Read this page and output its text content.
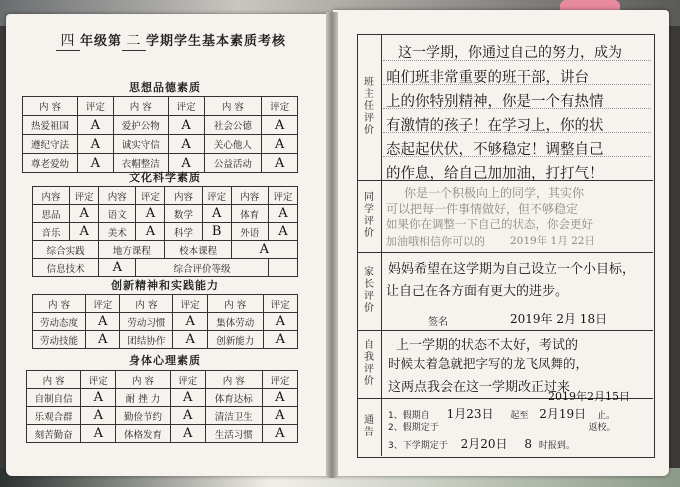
四 年级第 二 学期学生基本素质考核
思想品德素质
内 容	评定	内 容	评定	内 容	评定
热爱祖国	A	爱护公物	A	社会公德	A
遵纪守法	A	诚实守信	A	关心他人	A
尊老爱幼	A	衣帽整洁	A	公益活动	A
文化科学素质
内容	评定	内容	评定	内容	评定	内容	评定
思品	A	语文	A	数学	A	体育	A
音乐	A	美术	A	科学	B	外语	A
综合实践		地方课程		校本课程		A	
信息技术		A	综合评价等级				
创新精神和实践能力
内 容	评定	内 容	评定	内 容	评定
劳动态度	A	劳动习惯	A	集体劳动	A
劳动技能	A	团结协作	A	创新能力	A
身体心理素质
内 容	评定	内 容	评定	内 容	评定
自制自信	A	耐 挫 力	A	体育达标	A
乐观合群	A	勤俭节约	A	清洁卫生	A
刻苦勤奋	A	体格发育	A	生活习惯	A
班
主
任
评
价
这一学期，你通过自己的努力，成为
咱们班非常重要的班干部，讲台
上的你特别精神，你是一个有热情
有激情的孩子！在学习上，你的状
态起起伏伏，不够稳定！调整自己
的作息，给自己加加油，打打气！
同
学
评
价
你是一个积极向上的同学，其实你
可以把每一件事情做好，但不够稳定
如果你在调整一下自己的状态，你会更好
加油哦相信你可以的 2019年 1月 22日
家
长
评
价
妈妈希望在这学期为自己设立一个小目标，
让自己在各方面有更大的进步。
签名	2019年 2月 18日
自
我
评
价
上一学期的状态不太好，考试的
时候太着急就把字写的龙飞凤舞的，
这两点我会在这一学期改正过来
2019年2月15日
通
告
1、假期自 1月23日 起至 2月19日 止。
2、假期定于	返校。
3、下学期定于 2月20日 8 时报到。
